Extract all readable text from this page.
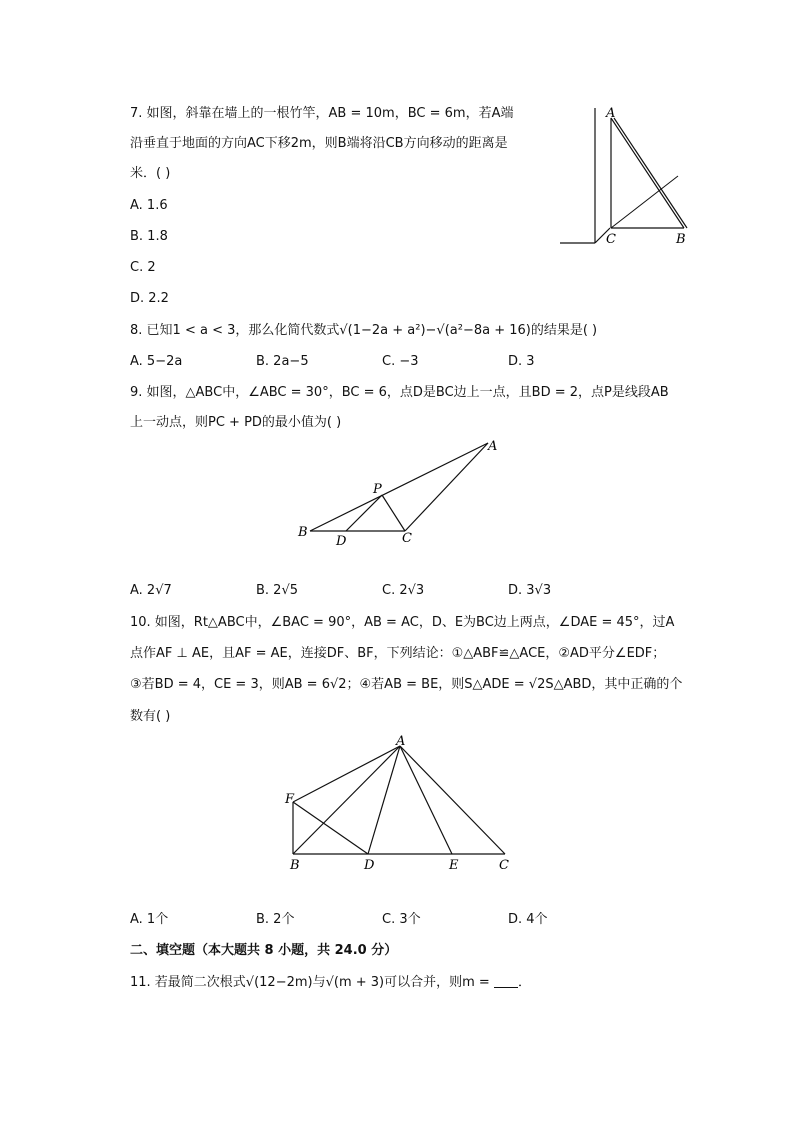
7. 如图，斜靠在墙上的一根竹竿，AB = 10m，BC = 6m，若A端
沿垂直于地面的方向AC下移2m，则B端将沿CB方向移动的距离是
米．( )
A. 1.6
B. 1.8
C. 2
D. 2.2
A
C	B
8. 已知1 < a < 3，那么化简代数式√(1−2a + a²)−√(a²−8a + 16)的结果是( )
A. 5−2a	B. 2a−5	C. −3	D. 3
9. 如图，△ABC中，∠ABC = 30°，BC = 6，点D是BC边上一点，且BD = 2，点P是线段AB
上一动点，则PC + PD的最小值为( )
A
P
B
D	C
A. 2√7	B. 2√5	C. 2√3	D. 3√3
10. 如图，Rt△ABC中，∠BAC = 90°，AB = AC，D、E为BC边上两点，∠DAE = 45°，过A
点作AF ⊥ AE，且AF = AE，连接DF、BF，下列结论：①△ABF≌△ACE，②AD平分∠EDF；
③若BD = 4，CE = 3，则AB = 6√2；④若AB = BE，则S△ADE = √2S△ABD，其中正确的个
数有( )
A
F
B	D	E	C
A. 1个	B. 2个	C. 3个	D. 4个
二、填空题（本大题共 8 小题，共 24.0 分）
11. 若最简二次根式√(12−2m)与√(m + 3)可以合并，则m = ．
